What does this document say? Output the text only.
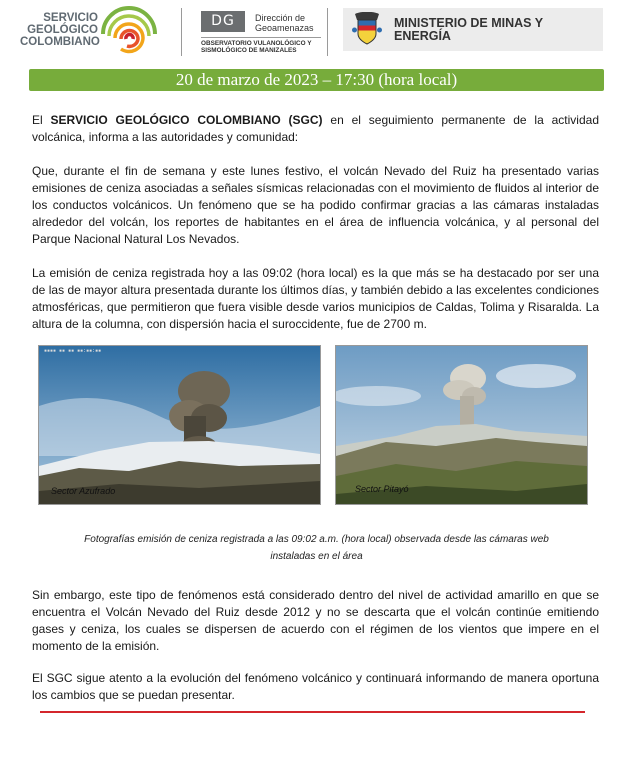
SERVICIO
GEOLÓGICO
COLOMBIANO
DG	Dirección de
Geoamenazas
OBSERVATORIO VULANOLÓGICO Y
SISMOLÓGICO DE MANIZALES
MINISTERIO DE MINAS Y
ENERGÍA
20 de marzo de 2023 – 17:30 (hora local)

El SERVICIO GEOLÓGICO COLOMBIANO (SGC) en el seguimiento permanente de la actividad volcánica, informa a las autoridades y comunidad:

Que, durante el fin de semana y este lunes festivo, el volcán Nevado del Ruiz ha presentado varias emisiones de ceniza asociadas a señales sísmicas relacionadas con el movimiento de fluidos al interior de los conductos volcánicos. Un fenómeno que se ha podido confirmar gracias a las cámaras instaladas alrededor del volcán, los reportes de habitantes en el área de influencia volcánica, y al personal del Parque Nacional Natural Los Nevados.

La emisión de ceniza registrada hoy a las 09:02 (hora local) es la que más se ha destacado por ser una de las de mayor altura presentada durante los últimos días, y también debido a las excelentes condiciones atmosféricas, que permitieron que fuera visible desde varios municipios de Caldas, Tolima y Risaralda. La altura de la columna, con dispersión hacia el suroccidente, fue de 2700 m.

▪▪▪▪ ▪▪ ▪▪ ▪▪:▪▪:▪▪
Sector Azufrado	Sector Pitayó
Fotografías emisión de ceniza registrada a las 09:02 a.m. (hora local) observada desde las cámaras web
instaladas en el área

Sin embargo, este tipo de fenómenos está considerado dentro del nivel de actividad amarillo en que se encuentra el Volcán Nevado del Ruiz desde 2012 y no se descarta que el volcán continúe emitiendo gases y ceniza, los cuales se dispersen de acuerdo con el régimen de los vientos que impere en el momento de la emisión.

El SGC sigue atento a la evolución del fenómeno volcánico y continuará informando de manera oportuna los cambios que se puedan presentar.
